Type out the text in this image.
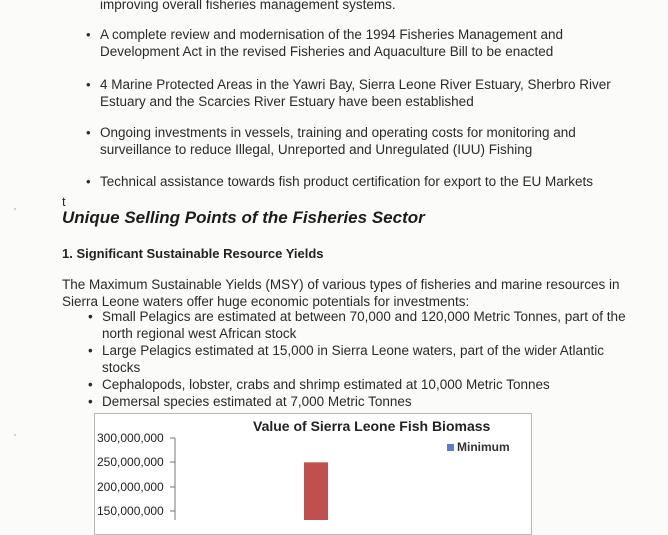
improving overall fisheries management systems.
• A complete review and modernisation of the 1994 Fisheries Management and Development Act in the revised Fisheries and Aquaculture Bill to be enacted
• 4 Marine Protected Areas in the Yawri Bay, Sierra Leone River Estuary, Sherbro River Estuary and the Scarcies River Estuary have been established
• Ongoing investments in vessels, training and operating costs for monitoring and surveillance to reduce Illegal, Unreported and Unregulated (IUU) Fishing
• Technical assistance towards fish product certification for export to the EU Markets
t
Unique Selling Points of the Fisheries Sector
1. Significant Sustainable Resource Yields
The Maximum Sustainable Yields (MSY) of various types of fisheries and marine resources in Sierra Leone waters offer huge economic potentials for investments:
• Small Pelagics are estimated at between 70,000 and 120,000 Metric Tonnes, part of the north regional west African stock
• Large Pelagics estimated at 15,000 in Sierra Leone waters, part of the wider Atlantic stocks
• Cephalopods, lobster, crabs and shrimp estimated at 10,000 Metric Tonnes
• Demersal species estimated at 7,000 Metric Tonnes
Value of Sierra Leone Fish Biomass
Minimum
300,000,000
250,000,000
200,000,000
150,000,000
'
'
